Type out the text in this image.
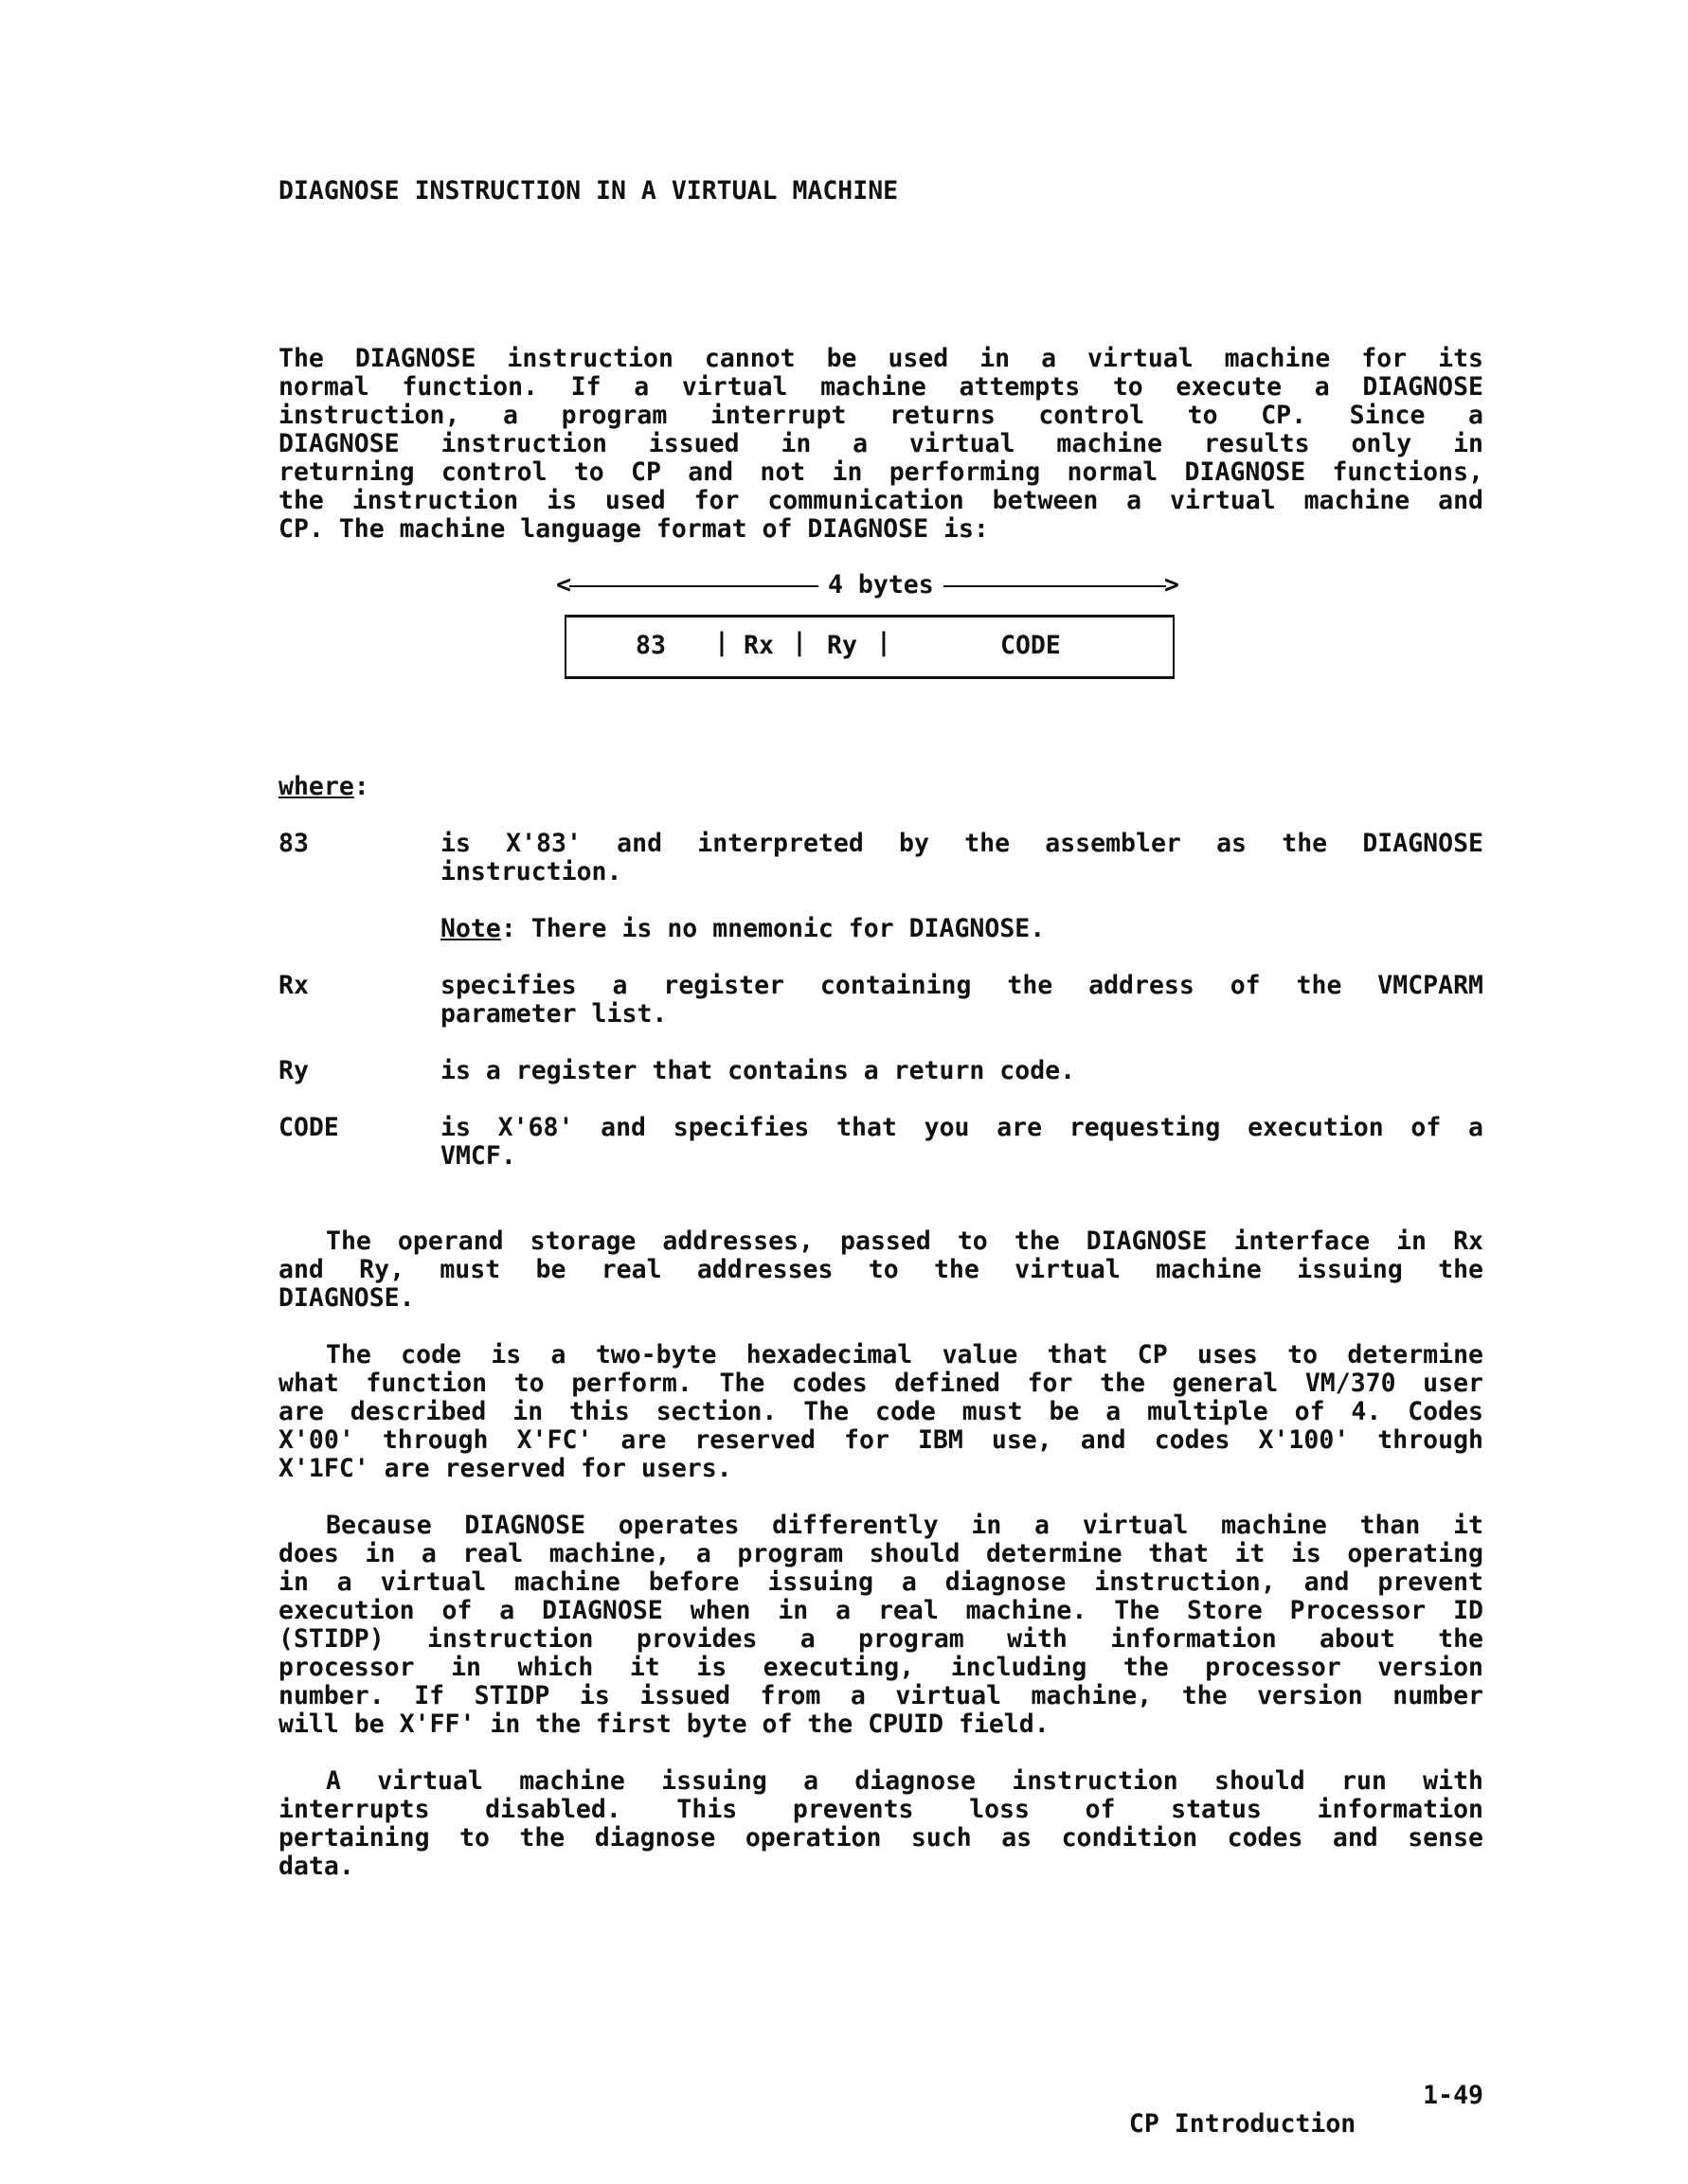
DIAGNOSE INSTRUCTION IN A VIRTUAL MACHINE
The DIAGNOSE instruction cannot be used in a virtual machine for its
normal function. If a virtual machine attempts to execute a DIAGNOSE
instruction, a program interrupt returns control to CP. Since a
DIAGNOSE instruction issued in a virtual machine results only in
returning control to CP and not in performing normal DIAGNOSE functions,
the instruction is used for communication between a virtual machine and
CP. The machine language format of DIAGNOSE is:
<	>
4 bytes
83 | Rx | Ry |	CODE
where:
83	is X'83' and interpreted by the assembler as the DIAGNOSE
instruction.
Note: There is no mnemonic for DIAGNOSE.
Rx	specifies a register containing the address of the VMCPARM
parameter list.
Ry	is a register that contains a return code.
CODE	is X'68' and specifies that you are requesting execution of a
VMCF.
The operand storage addresses, passed to the DIAGNOSE interface in Rx
and Ry, must be real addresses to the virtual machine issuing the
DIAGNOSE.
The code is a two-byte hexadecimal value that CP uses to determine
what function to perform. The codes defined for the general VM/370 user
are described in this section. The code must be a multiple of 4. Codes
X'00' through X'FC' are reserved for IBM use, and codes X'100' through
X'1FC' are reserved for users.
Because DIAGNOSE operates differently in a virtual machine than it
does in a real machine, a program should determine that it is operating
in a virtual machine before issuing a diagnose instruction, and prevent
execution of a DIAGNOSE when in a real machine. The Store Processor ID
(STIDP) instruction provides a program with information about the
processor in which it is executing, including the processor version
number. If STIDP is issued from a virtual machine, the version number
will be X'FF' in the first byte of the CPUID field.
A virtual machine issuing a diagnose instruction should run with
interrupts disabled. This prevents loss of status information
pertaining to the diagnose operation such as condition codes and sense
data.

CP Introduction

1-49
